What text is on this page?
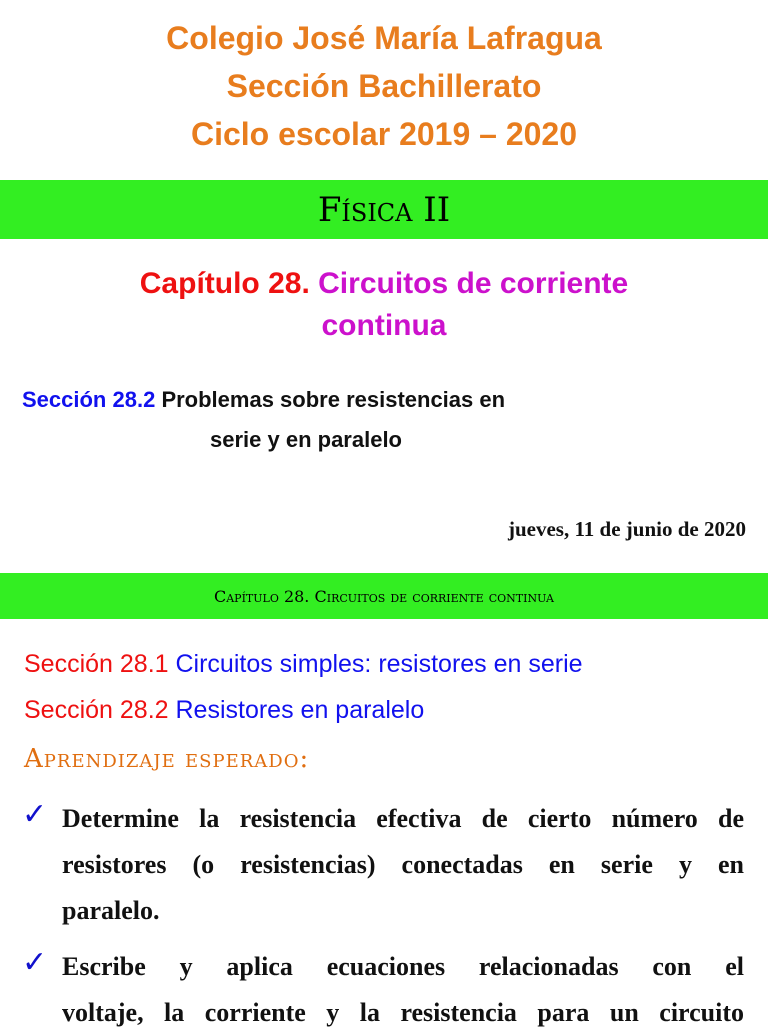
Colegio José María Lafragua
Sección Bachillerato
Ciclo escolar 2019 – 2020
Física II
Capítulo 28. Circuitos de corriente
continua
Sección 28.2 Problemas sobre resistencias en
serie y en paralelo
jueves, 11 de junio de 2020
Capítulo 28. Circuitos de corriente continua
Sección 28.1 Circuitos simples: resistores en serie
Sección 28.2 Resistores en paralelo
Aprendizaje esperado:
✓ Determine la resistencia efectiva de cierto número de
resistores (o resistencias) conectadas en serie y en
paralelo.
✓ Escribe y aplica ecuaciones relacionadas con el
voltaje, la corriente y la resistencia para un circuito
